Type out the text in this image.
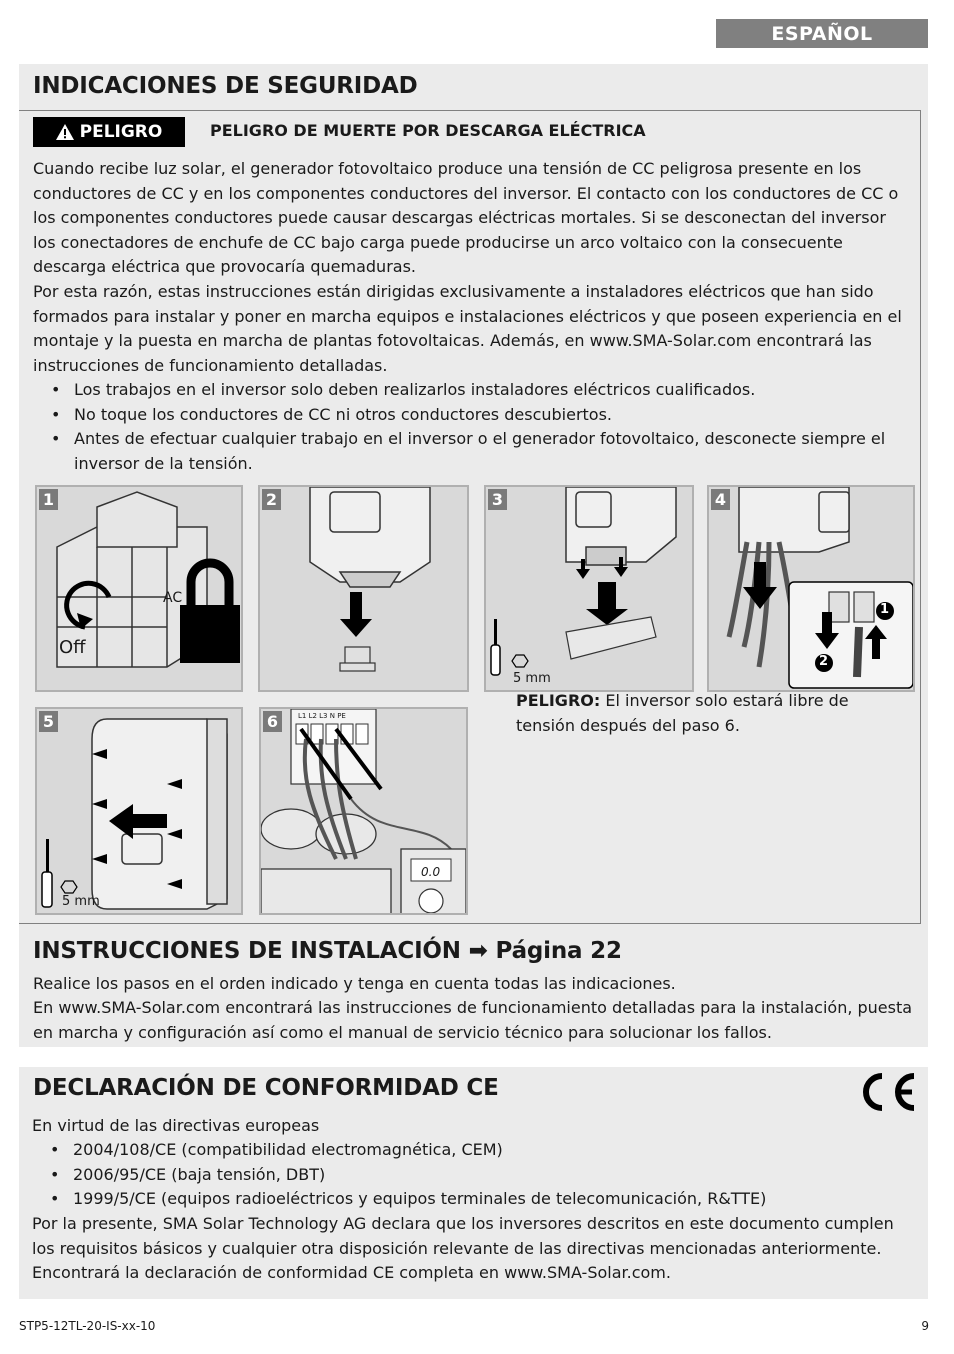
ESPAÑOL
INDICACIONES DE SEGURIDAD
PELIGRO	PELIGRO DE MUERTE POR DESCARGA ELÉCTRICA

Cuando recibe luz solar, el generador fotovoltaico produce una tensión de CC peligrosa presente en los conductores de CC y en los componentes conductores del inversor. El contacto con los conductores de CC o los componentes conductores puede causar descargas eléctricas mortales. Si se desconectan del inversor los conectadores de enchufe de CC bajo carga puede producirse un arco voltaico con la consecuente descarga eléctrica que provocaría quemaduras.

Por esta razón, estas instrucciones están dirigidas exclusivamente a instaladores eléctricos que han sido formados para instalar y poner en marcha equipos e instalaciones eléctricos y que poseen experiencia en el montaje y la puesta en marcha de plantas fotovoltaicas. Además, en www.SMA-Solar.com encontrará las instrucciones de funcionamiento detalladas.

• Los trabajos en el inversor solo deben realizarlos instaladores eléctricos cualificados.
• No toque los conductores de CC ni otros conductores descubiertos.
• Antes de efectuar cualquier trabajo en el inversor o el generador fotovoltaico, desconecte siempre el inversor de la tensión.
1
AC
Off
2	3
5 mm
4
1
2
5
5 mm
6	L1 L2 L3 N PE
0.0
PELIGRO: El inversor solo estará libre de tensión después del paso 6.
INSTRUCCIONES DE INSTALACIÓN ➡ Página 22

Realice los pasos en el orden indicado y tenga en cuenta todas las indicaciones.

En www.SMA-Solar.com encontrará las instrucciones de funcionamiento detalladas para la instalación, puesta en marcha y configuración así como el manual de servicio técnico para solucionar los fallos.

DECLARACIÓN DE CONFORMIDAD CE

En virtud de las directivas europeas

• 2004/108/CE (compatibilidad electromagnética, CEM)
• 2006/95/CE (baja tensión, DBT)
• 1999/5/CE (equipos radioeléctricos y equipos terminales de telecomunicación, R&TTE)

Por la presente, SMA Solar Technology AG declara que los inversores descritos en este documento cumplen los requisitos básicos y cualquier otra disposición relevante de las directivas mencionadas anteriormente. Encontrará la declaración de conformidad CE completa en www.SMA-Solar.com.

STP5-12TL-20-IS-xx-10	9
